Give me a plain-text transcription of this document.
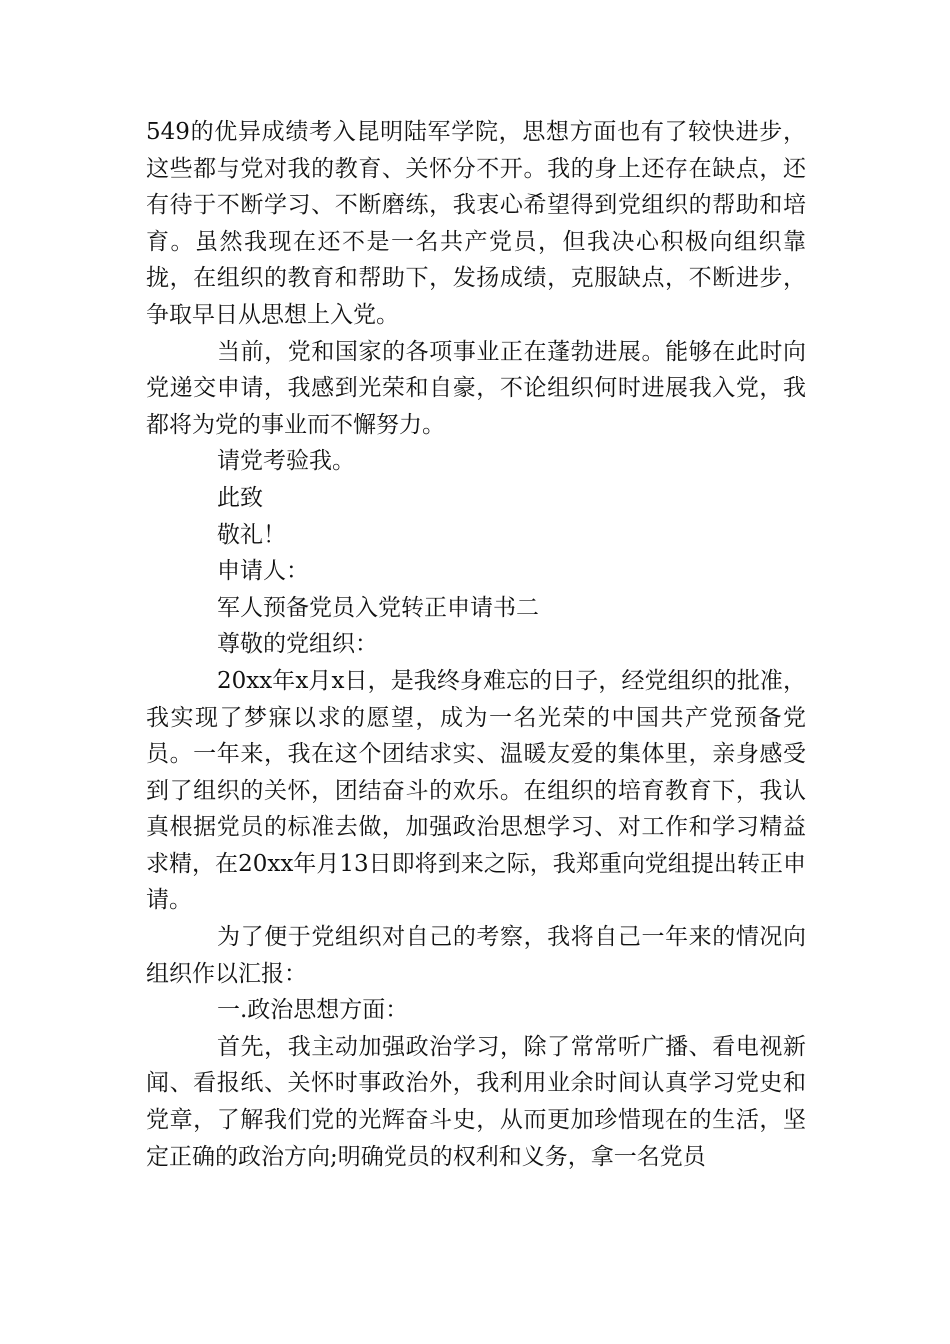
549的优异成绩考入昆明陆军学院，思想方面也有了较快进步，这些都与党对我的教育、关怀分不开。我的身上还存在缺点，还有待于不断学习、不断磨练，我衷心希望得到党组织的帮助和培育。虽然我现在还不是一名共产党员，但我决心积极向组织靠拢，在组织的教育和帮助下，发扬成绩，克服缺点，不断进步，争取早日从思想上入党。

当前，党和国家的各项事业正在蓬勃进展。能够在此时向党递交申请，我感到光荣和自豪，不论组织何时进展我入党，我都将为党的事业而不懈努力。

请党考验我。

此致

敬礼！

申请人：

军人预备党员入党转正申请书二

尊敬的党组织：

20xx年x月x日，是我终身难忘的日子，经党组织的批准，我实现了梦寐以求的愿望，成为一名光荣的中国共产党预备党员。一年来，我在这个团结求实、温暖友爱的集体里，亲身感受到了组织的关怀，团结奋斗的欢乐。在组织的培育教育下，我认真根据党员的标准去做，加强政治思想学习、对工作和学习精益求精，在20xx年月13日即将到来之际，我郑重向党组提出转正申请。

为了便于党组织对自己的考察，我将自己一年来的情况向组织作以汇报：

一.政治思想方面：

首先，我主动加强政治学习，除了常常听广播、看电视新闻、看报纸、关怀时事政治外，我利用业余时间认真学习党史和党章，了解我们党的光辉奋斗史，从而更加珍惜现在的生活，坚定正确的政治方向;明确党员的权利和义务，拿一名党员
